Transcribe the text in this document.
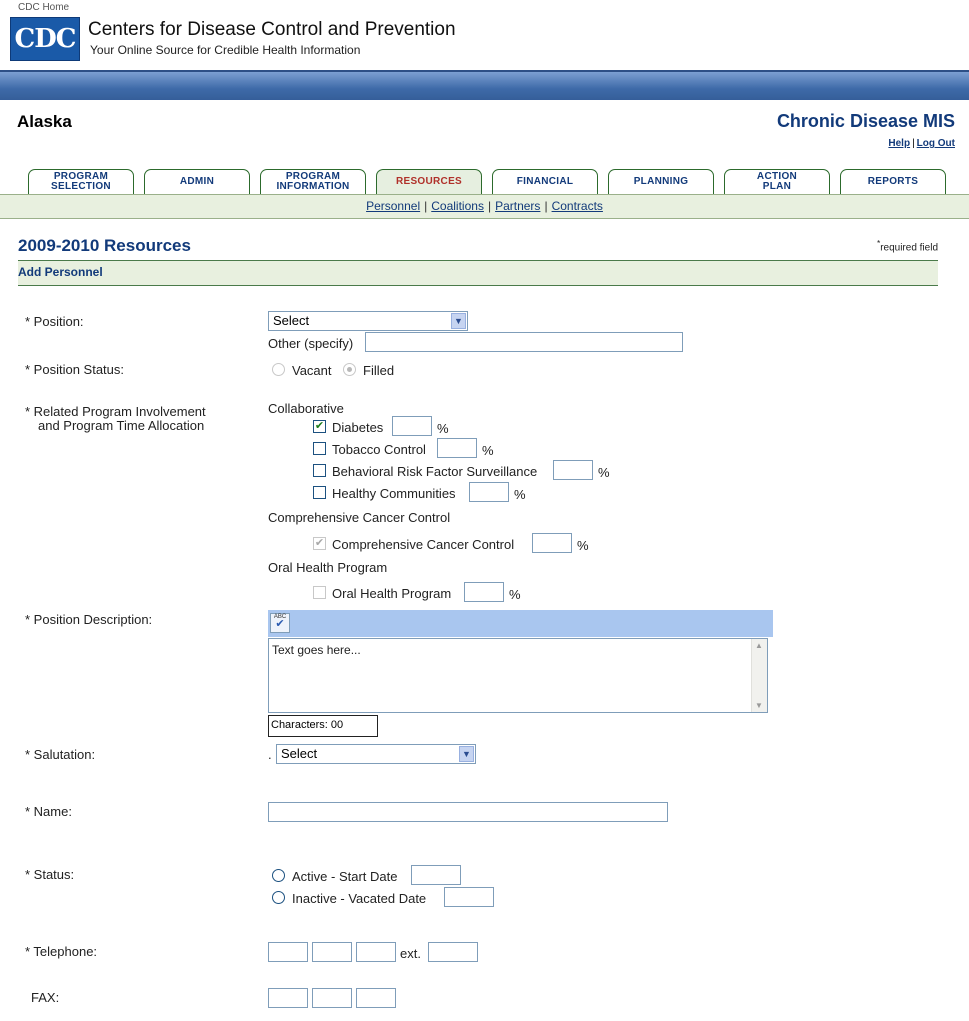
CDC Home
CDC Centers for Disease Control and Prevention
Your Online Source for Credible Health Information
Alaska	Chronic Disease MIS
Help | Log Out
PROGRAM
SELECTION	ADMIN	PROGRAM
INFORMATION	RESOURCES	FINANCIAL	PLANNING	ACTION
PLAN	REPORTS
Personnel | Coalitions | Partners | Contracts
2009-2010 Resources	*required field
Add Personnel
* Position:	Select	▼
Other (specify)
* Position Status:	Vacant Filled
* Related Program Involvement
and Program Time Allocation
Collaborative
✔ Diabetes	%
Tobacco Control	%
Behavioral Risk Factor Surveillance	%
Healthy Communities	%
Comprehensive Cancer Control
✔ Comprehensive Cancer Control	%
Oral Health Program
Oral Health Program	%
* Position Description:	ABC
✔
Text goes here...	▲
▼
Characters: 00
* Salutation:	. Select	▼
* Name:
* Status:	Active - Start Date
Inactive - Vacated Date
* Telephone:	ext.
FAX:
